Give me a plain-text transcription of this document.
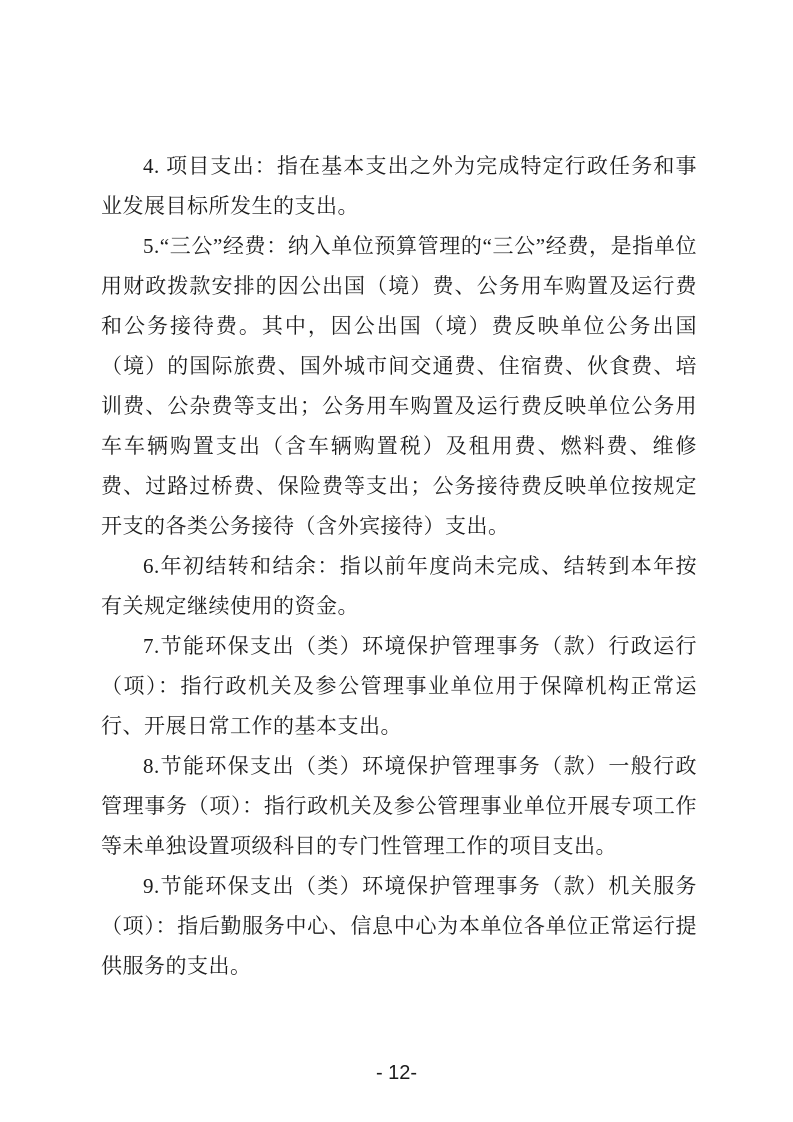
4. 项目支出：指在基本支出之外为完成特定行政任务和事业发展目标所发生的支出。

5.“三公”经费：纳入单位预算管理的“三公”经费，是指单位用财政拨款安排的因公出国（境）费、公务用车购置及运行费和公务接待费。其中，因公出国（境）费反映单位公务出国（境）的国际旅费、国外城市间交通费、住宿费、伙食费、培训费、公杂费等支出；公务用车购置及运行费反映单位公务用车车辆购置支出（含车辆购置税）及租用费、燃料费、维修费、过路过桥费、保险费等支出；公务接待费反映单位按规定开支的各类公务接待（含外宾接待）支出。

6.年初结转和结余：指以前年度尚未完成、结转到本年按有关规定继续使用的资金。

7.节能环保支出（类）环境保护管理事务（款）行政运行（项）：指行政机关及参公管理事业单位用于保障机构正常运行、开展日常工作的基本支出。

8.节能环保支出（类）环境保护管理事务（款）一般行政管理事务（项）：指行政机关及参公管理事业单位开展专项工作等未单独设置项级科目的专门性管理工作的项目支出。

9.节能环保支出（类）环境保护管理事务（款）机关服务（项）：指后勤服务中心、信息中心为本单位各单位正常运行提供服务的支出。

- 12-
